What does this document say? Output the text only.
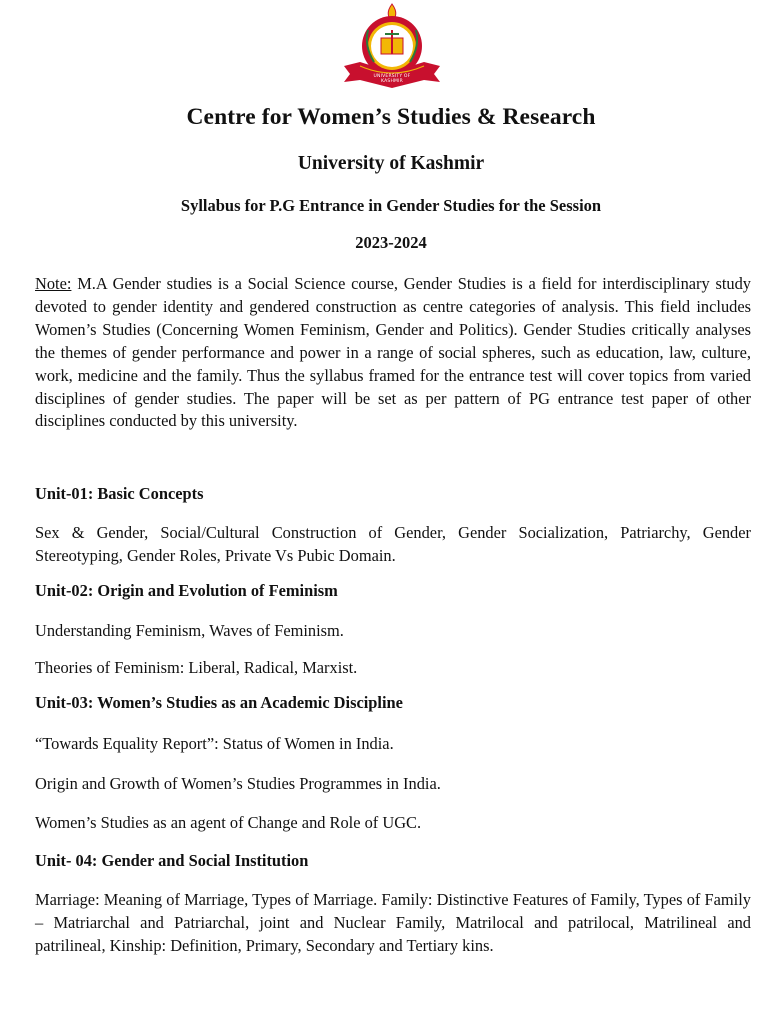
UNIVERSITY OF KASHMIR
Centre for Women’s Studies & Research
University of Kashmir
Syllabus for P.G Entrance in Gender Studies for the Session
2023-2024

Note: M.A Gender studies is a Social Science course, Gender Studies is a field for interdisciplinary study devoted to gender identity and gendered construction as centre categories of analysis. This field includes Women’s Studies (Concerning Women Feminism, Gender and Politics). Gender Studies critically analyses the themes of gender performance and power in a range of social spheres, such as education, law, culture, work, medicine and the family. Thus the syllabus framed for the entrance test will cover topics from varied disciplines of gender studies. The paper will be set as per pattern of PG entrance test paper of other disciplines conducted by this university.

Unit-01: Basic Concepts

Sex & Gender, Social/Cultural Construction of Gender, Gender Socialization, Patriarchy, Gender Stereotyping, Gender Roles, Private Vs Pubic Domain.

Unit-02: Origin and Evolution of Feminism

Understanding Feminism, Waves of Feminism.

Theories of Feminism: Liberal, Radical, Marxist.

Unit-03: Women’s Studies as an Academic Discipline

“Towards Equality Report”: Status of Women in India.

Origin and Growth of Women’s Studies Programmes in India.

Women’s Studies as an agent of Change and Role of UGC.

Unit- 04: Gender and Social Institution

Marriage: Meaning of Marriage, Types of Marriage. Family: Distinctive Features of Family, Types of Family – Matriarchal and Patriarchal, joint and Nuclear Family, Matrilocal and patrilocal, Matrilineal and patrilineal, Kinship: Definition, Primary, Secondary and Tertiary kins.
